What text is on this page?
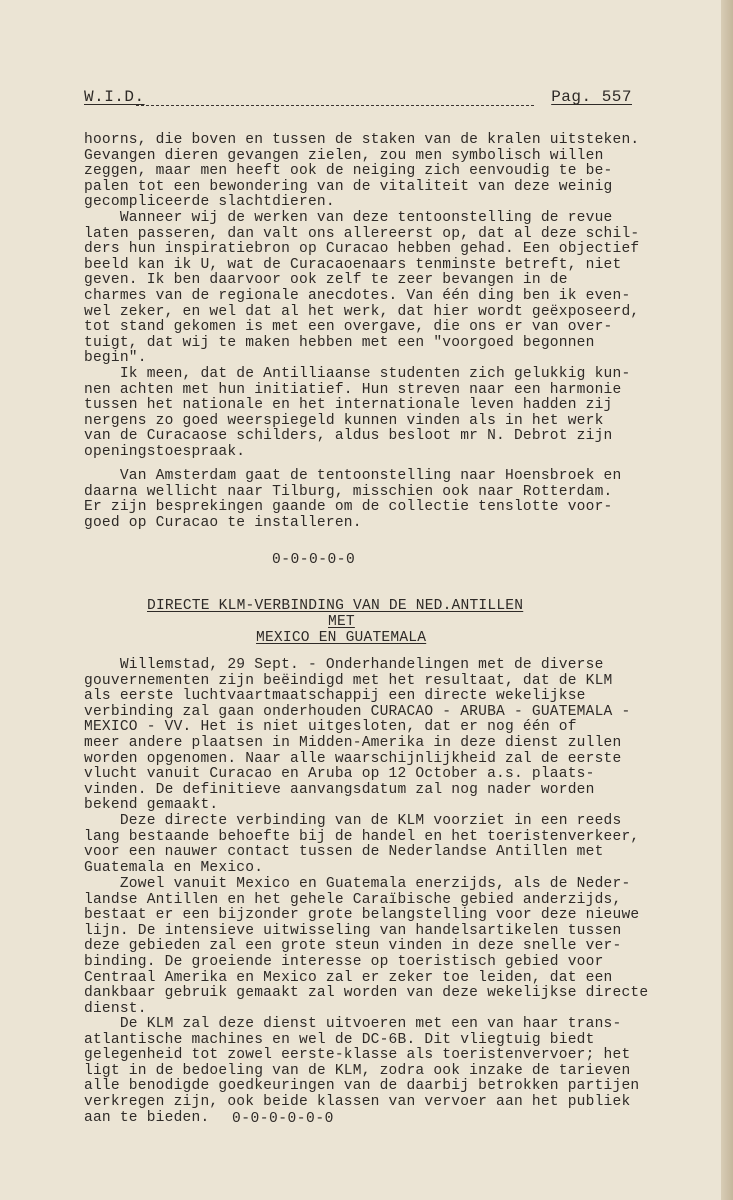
W.I.D.	Pag. 557
hoorns, die boven en tussen de staken van de kralen uitsteken.
Gevangen dieren gevangen zielen, zou men symbolisch willen
zeggen, maar men heeft ook de neiging zich eenvoudig te be-
palen tot een bewondering van de vitaliteit van deze weinig
gecompliceerde slachtdieren.
Wanneer wij de werken van deze tentoonstelling de revue
laten passeren, dan valt ons allereerst op, dat al deze schil-
ders hun inspiratiebron op Curacao hebben gehad. Een objectief
beeld kan ik U, wat de Curacaoenaars tenminste betreft, niet
geven. Ik ben daarvoor ook zelf te zeer bevangen in de
charmes van de regionale anecdotes. Van één ding ben ik even-
wel zeker, en wel dat al het werk, dat hier wordt geëxposeerd,
tot stand gekomen is met een overgave, die ons er van over-
tuigt, dat wij te maken hebben met een "voorgoed begonnen
begin".
Ik meen, dat de Antilliaanse studenten zich gelukkig kun-
nen achten met hun initiatief. Hun streven naar een harmonie
tussen het nationale en het internationale leven hadden zij
nergens zo goed weerspiegeld kunnen vinden als in het werk
van de Curacaose schilders, aldus besloot mr N. Debrot zijn
openingstoespraak.
Van Amsterdam gaat de tentoonstelling naar Hoensbroek en
daarna wellicht naar Tilburg, misschien ook naar Rotterdam.
Er zijn besprekingen gaande om de collectie tenslotte voor-
goed op Curacao te installeren.
0-0-0-0-0
DIRECTE KLM-VERBINDING VAN DE NED.ANTILLEN
MET
MEXICO EN GUATEMALA
Willemstad, 29 Sept. - Onderhandelingen met de diverse
gouvernementen zijn beëindigd met het resultaat, dat de KLM
als eerste luchtvaartmaatschappij een directe wekelijkse
verbinding zal gaan onderhouden CURACAO - ARUBA - GUATEMALA -
MEXICO - VV. Het is niet uitgesloten, dat er nog één of
meer andere plaatsen in Midden-Amerika in deze dienst zullen
worden opgenomen. Naar alle waarschijnlijkheid zal de eerste
vlucht vanuit Curacao en Aruba op 12 October a.s. plaats-
vinden. De definitieve aanvangsdatum zal nog nader worden
bekend gemaakt.
Deze directe verbinding van de KLM voorziet in een reeds
lang bestaande behoefte bij de handel en het toeristenverkeer,
voor een nauwer contact tussen de Nederlandse Antillen met
Guatemala en Mexico.
Zowel vanuit Mexico en Guatemala enerzijds, als de Neder-
landse Antillen en het gehele Caraïbische gebied anderzijds,
bestaat er een bijzonder grote belangstelling voor deze nieuwe
lijn. De intensieve uitwisseling van handelsartikelen tussen
deze gebieden zal een grote steun vinden in deze snelle ver-
binding. De groeiende interesse op toeristisch gebied voor
Centraal Amerika en Mexico zal er zeker toe leiden, dat een
dankbaar gebruik gemaakt zal worden van deze wekelijkse directe
dienst.
De KLM zal deze dienst uitvoeren met een van haar trans-
atlantische machines en wel de DC-6B. Dit vliegtuig biedt
gelegenheid tot zowel eerste-klasse als toeristenvervoer; het
ligt in de bedoeling van de KLM, zodra ook inzake de tarieven
alle benodigde goedkeuringen van de daarbij betrokken partijen
verkregen zijn, ook beide klassen van vervoer aan het publiek
aan te bieden.	0-0-0-0-0-0
